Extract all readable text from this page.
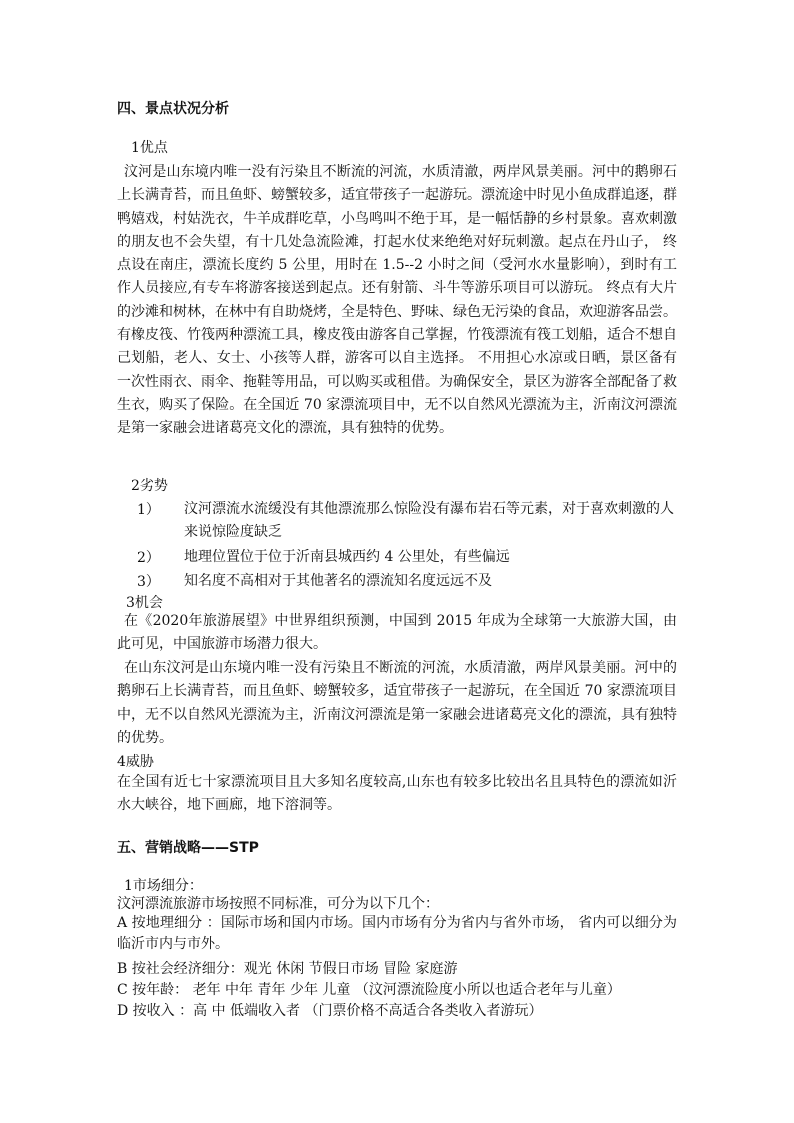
四、景点状况分析
1优点

汶河是山东境内唯一没有污染且不断流的河流，水质清澈，两岸风景美丽。河中的鹅卵石上长满青苔，而且鱼虾、螃蟹较多，适宜带孩子一起游玩。漂流途中时见小鱼成群追逐，群鸭嬉戏，村姑洗衣，牛羊成群吃草，小鸟鸣叫不绝于耳，是一幅恬静的乡村景象。喜欢刺激的朋友也不会失望，有十几处急流险滩，打起水仗来绝绝对好玩刺激。起点在丹山子， 终点设在南庄，漂流长度约 5 公里，用时在 1.5--2 小时之间（受河水水量影响），到时有工作人员接应,有专车将游客接送到起点。还有射箭、斗牛等游乐项目可以游玩。 终点有大片的沙滩和树林，在林中有自助烧烤，全是特色、野味、绿色无污染的食品，欢迎游客品尝。有橡皮筏、竹筏两种漂流工具，橡皮筏由游客自己掌握，竹筏漂流有筏工划船，适合不想自己划船，老人、女士、小孩等人群，游客可以自主选择。 不用担心水凉或日晒，景区备有一次性雨衣、雨伞、拖鞋等用品，可以购买或租借。为确保安全，景区为游客全部配备了救生衣，购买了保险。在全国近 70 家漂流项目中，无不以自然风光漂流为主，沂南汶河漂流是第一家融会进诸葛亮文化的漂流，具有独特的优势。

2劣势
1） 汶河漂流水流缓没有其他漂流那么惊险没有瀑布岩石等元素，对于喜欢刺激的人来说惊险度缺乏
2） 地理位置位于位于沂南县城西约 4 公里处，有些偏远
3） 知名度不高相对于其他著名的漂流知名度远远不及
3机会

在《2020年旅游展望》中世界组织预测，中国到 2015 年成为全球第一大旅游大国，由此可见，中国旅游市场潜力很大。

在山东汶河是山东境内唯一没有污染且不断流的河流，水质清澈，两岸风景美丽。河中的鹅卵石上长满青苔，而且鱼虾、螃蟹较多，适宜带孩子一起游玩，在全国近 70 家漂流项目中，无不以自然风光漂流为主，沂南汶河漂流是第一家融会进诸葛亮文化的漂流，具有独特的优势。

4威胁

在全国有近七十家漂流项目且大多知名度较高,山东也有较多比较出名且具特色的漂流如沂水大峡谷，地下画廊，地下溶洞等。

五、营销战略——STP
1市场细分：
汶河漂流旅游市场按照不同标准，可分为以下几个：

A 按地理细分 ：国际市场和国内市场。国内市场有分为省内与省外市场， 省内可以细分为临沂市内与市外。

B 按社会经济细分：观光 休闲 节假日市场 冒险 家庭游
C 按年龄： 老年 中年 青年 少年 儿童 （汶河漂流险度小所以也适合老年与儿童）
D 按收入 ：高 中 低端收入者 （门票价格不高适合各类收入者游玩）
